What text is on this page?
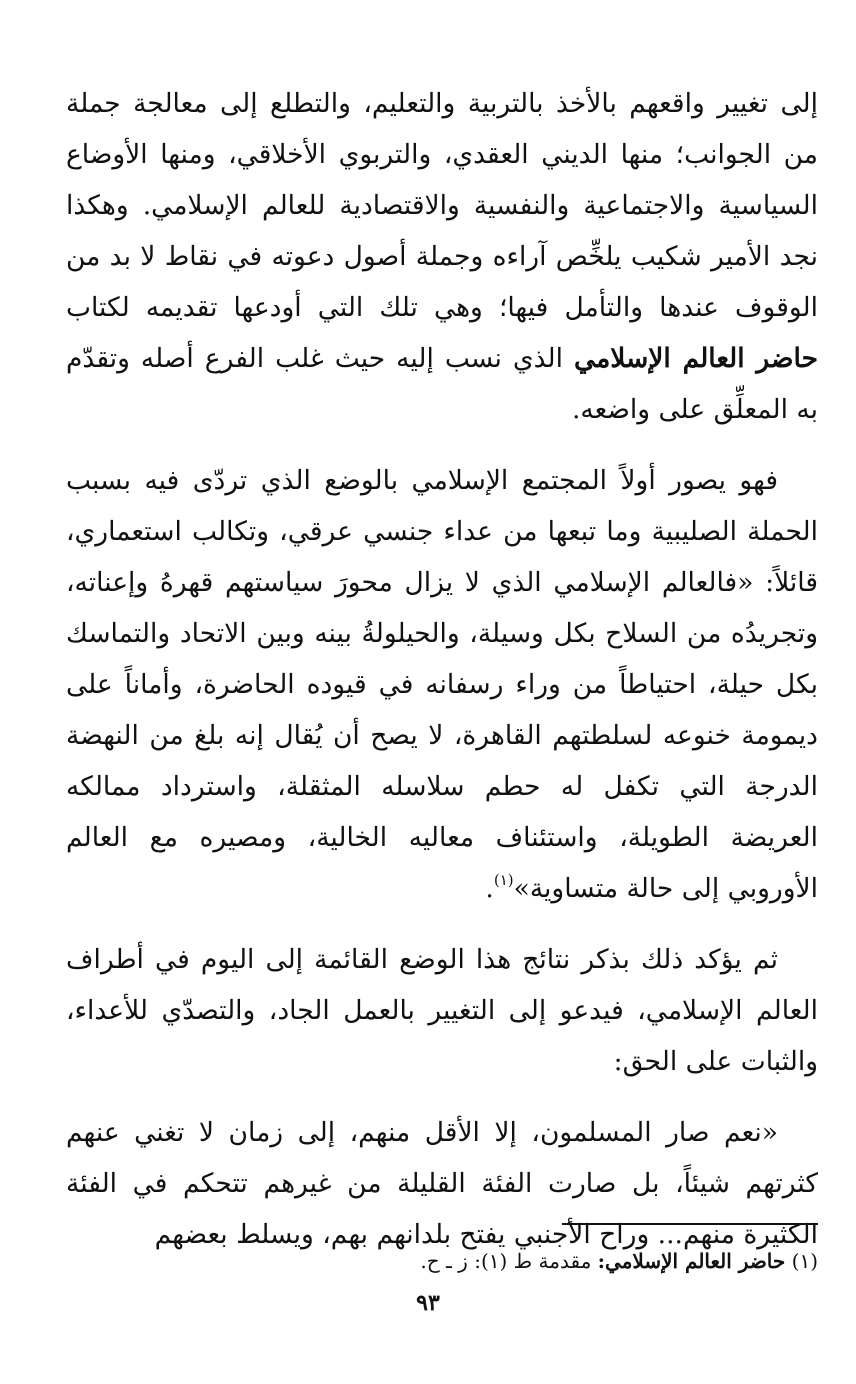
إلى تغيير واقعهم بالأخذ بالتربية والتعليم، والتطلع إلى معالجة جملة من الجوانب؛ منها الديني العقدي، والتربوي الأخلاقي، ومنها الأوضاع السياسية والاجتماعية والنفسية والاقتصادية للعالم الإسلامي. وهكذا نجد الأمير شكيب يلخِّص آراءه وجملة أصول دعوته في نقاط لا بد من الوقوف عندها والتأمل فيها؛ وهي تلك التي أودعها تقديمه لكتاب حاضر العالم الإسلامي الذي نسب إليه حيث غلب الفرع أصله وتقدّم به المعلِّق على واضعه.

فهو يصور أولاً المجتمع الإسلامي بالوضع الذي تردّى فيه بسبب الحملة الصليبية وما تبعها من عداء جنسي عرقي، وتكالب استعماري، قائلاً: «فالعالم الإسلامي الذي لا يزال محورَ سياستهم قهرهُ وإعناته، وتجريدُه من السلاح بكل وسيلة، والحيلولةُ بينه وبين الاتحاد والتماسك بكل حيلة، احتياطاً من وراء رسفانه في قيوده الحاضرة، وأماناً على ديمومة خنوعه لسلطتهم القاهرة، لا يصح أن يُقال إنه بلغ من النهضة الدرجة التي تكفل له حطم سلاسله المثقلة، واسترداد ممالكه العريضة الطويلة، واستئناف معاليه الخالية، ومصيره مع العالم الأوروبي إلى حالة متساوية»$^{(١)}$.

ثم يؤكد ذلك بذكر نتائج هذا الوضع القائمة إلى اليوم في أطراف العالم الإسلامي، فيدعو إلى التغيير بالعمل الجاد، والتصدّي للأعداء، والثبات على الحق:

«نعم صار المسلمون، إلا الأقل منهم، إلى زمان لا تغني عنهم كثرتهم شيئاً، بل صارت الفئة القليلة من غيرهم تتحكم في الفئة الكثيرة منهم... وراح الأجنبي يفتح بلدانهم بهم، ويسلط بعضهم

(١) حاضر العالم الإسلامي: مقدمة ط (١): ز ـ ح.
٩٣
